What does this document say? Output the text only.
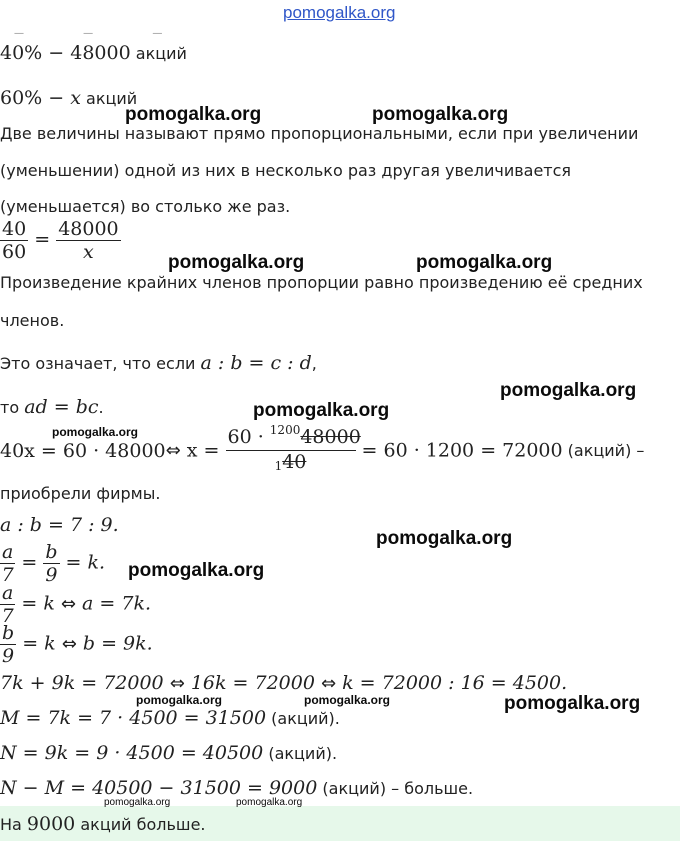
pomogalka.org
— — —
40% − 48000 акций
60% − x акций
Две величины называют прямо пропорциональными, если при увеличении
(уменьшении) одной из них в несколько раз другая увеличивается
(уменьшается) во столько же раз.
$\frac{40}{60} = \frac{48000}{x}$
Произведение крайних членов пропорции равно произведению её средних
членов.
Это означает, что если a : b = c : d,
то ad = bc.
40x = 60 · 48000⇔ $x = \frac{60 \cdot ^{1200}48000}{140} = 60 \cdot 1200 = 72000$ (акций) –
приобрели фирмы.
a : b = 7 : 9.
$\frac{a}{7} = \frac{b}{9} = k$.
$\frac{a}{7} = k$ ⇔ a = 7k.
$\frac{b}{9} = k$ ⇔ b = 9k.
7k + 9k = 72000 ⇔ 16k = 72000 ⇔ k = 72000 : 16 = 4500.
M = 7k = 7 · 4500 = 31500 (акций).
N = 9k = 9 · 4500 = 40500 (акций).
N − M = 40500 − 31500 = 9000 (акций) – больше.
На 9000 акций больше.
pomogalka.org	pomogalka.org
pomogalka.org	pomogalka.org
pomogalka.org
pomogalka.org
pomogalka.org
pomogalka.org
pomogalka.org
pomogalka.org	pomogalka.org	pomogalka.org
pomogalka.org	pomogalka.org
